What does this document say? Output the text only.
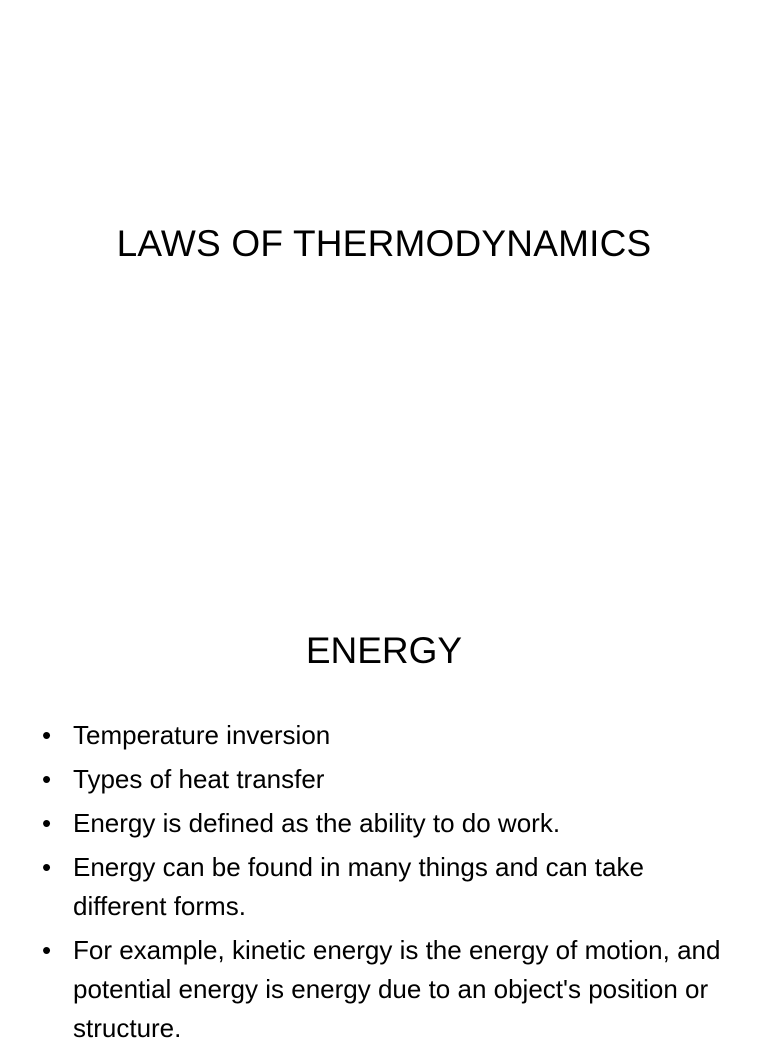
LAWS OF THERMODYNAMICS
ENERGY
• Temperature inversion
• Types of heat transfer
• Energy is defined as the ability to do work.
• Energy can be found in many things and can take different forms.
• For example, kinetic energy is the energy of motion, and potential energy is energy due to an object's position or structure.
